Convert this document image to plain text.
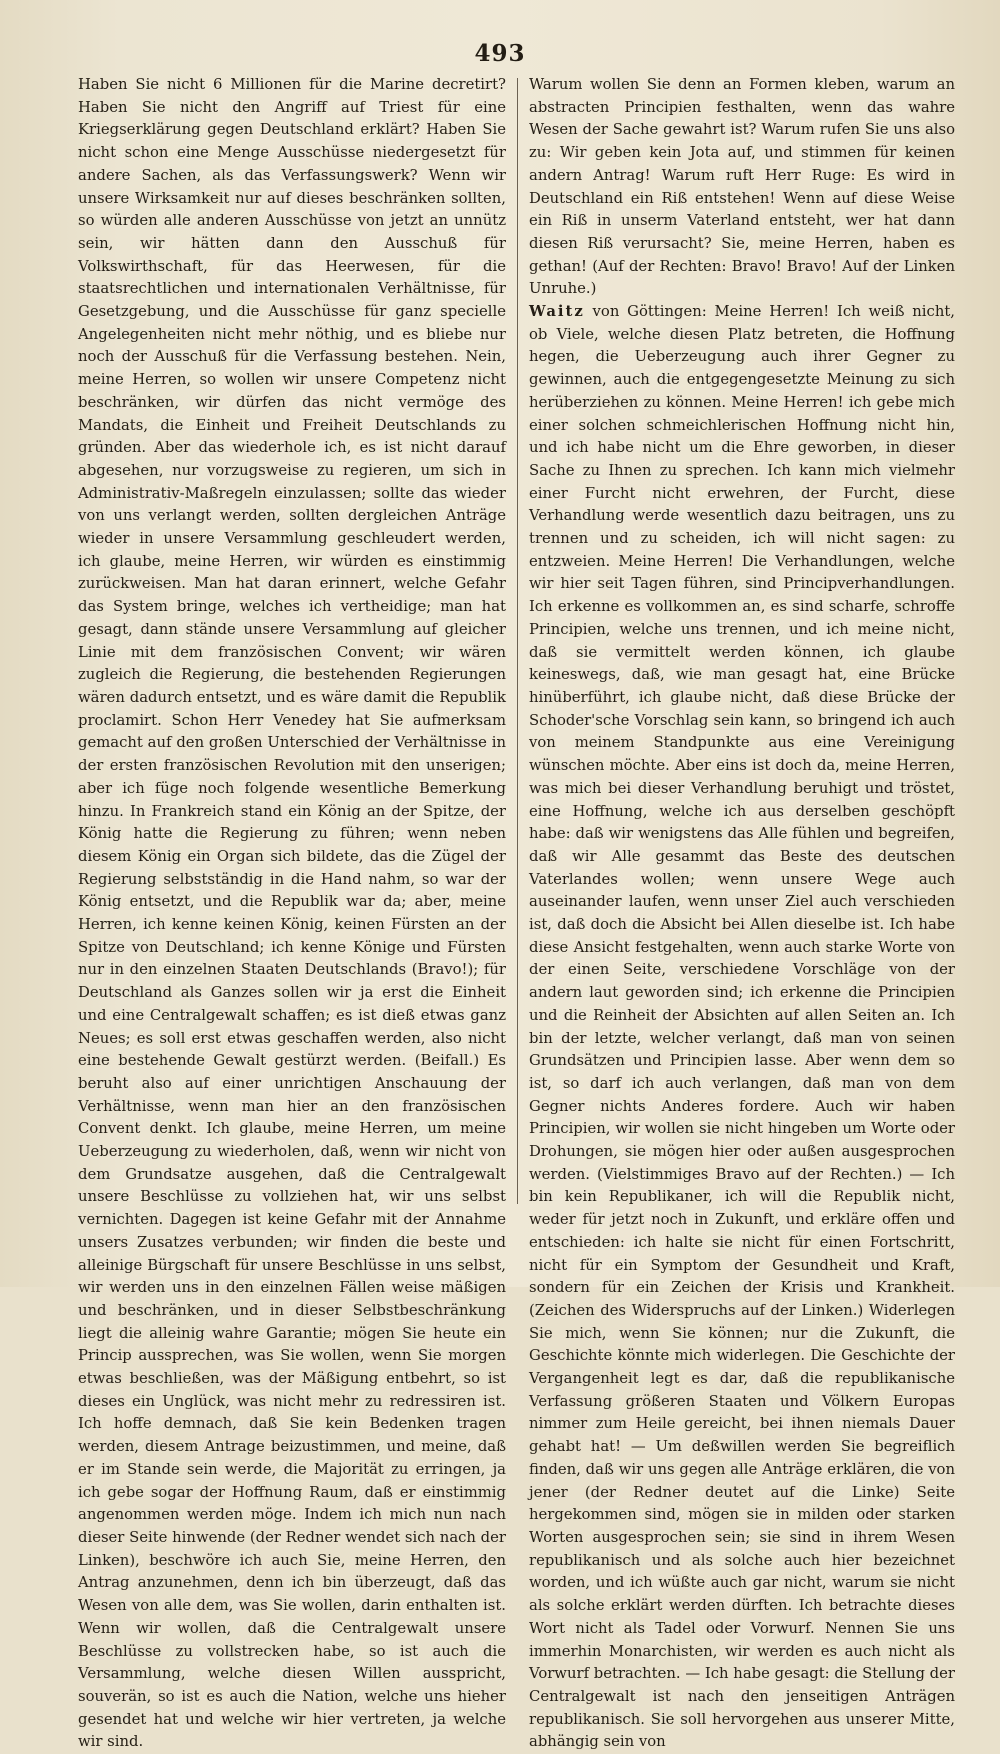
493

Haben Sie nicht 6 Millionen für die Marine decretirt? Haben Sie nicht den Angriff auf Triest für eine Kriegserklärung gegen Deutschland erklärt? Haben Sie nicht schon eine Menge Ausschüsse niedergesetzt für andere Sachen, als das Verfassungswerk? Wenn wir unsere Wirksamkeit nur auf dieses beschränken sollten, so würden alle anderen Ausschüsse von jetzt an unnütz sein, wir hätten dann den Ausschuß für Volkswirthschaft, für das Heerwesen, für die staatsrechtlichen und internationalen Verhältnisse, für Gesetzgebung, und die Ausschüsse für ganz specielle Angelegenheiten nicht mehr nöthig, und es bliebe nur noch der Ausschuß für die Verfassung bestehen. Nein, meine Herren, so wollen wir unsere Competenz nicht beschränken, wir dürfen das nicht vermöge des Mandats, die Einheit und Freiheit Deutschlands zu gründen. Aber das wiederhole ich, es ist nicht darauf abgesehen, nur vorzugsweise zu regieren, um sich in Administrativ-Maßregeln einzulassen; sollte das wieder von uns verlangt werden, sollten dergleichen Anträge wieder in unsere Versammlung geschleudert werden, ich glaube, meine Herren, wir würden es einstimmig zurückweisen. Man hat daran erinnert, welche Gefahr das System bringe, welches ich vertheidige; man hat gesagt, dann stände unsere Versammlung auf gleicher Linie mit dem französischen Convent; wir wären zugleich die Regierung, die bestehenden Regierungen wären dadurch entsetzt, und es wäre damit die Republik proclamirt. Schon Herr Venedey hat Sie aufmerksam gemacht auf den großen Unterschied der Verhältnisse in der ersten französischen Revolution mit den unserigen; aber ich füge noch folgende wesentliche Bemerkung hinzu. In Frankreich stand ein König an der Spitze, der König hatte die Regierung zu führen; wenn neben diesem König ein Organ sich bildete, das die Zügel der Regierung selbstständig in die Hand nahm, so war der König entsetzt, und die Republik war da; aber, meine Herren, ich kenne keinen König, keinen Fürsten an der Spitze von Deutschland; ich kenne Könige und Fürsten nur in den einzelnen Staaten Deutschlands (Bravo!); für Deutschland als Ganzes sollen wir ja erst die Einheit und eine Centralgewalt schaffen; es ist dieß etwas ganz Neues; es soll erst etwas geschaffen werden, also nicht eine bestehende Gewalt gestürzt werden. (Beifall.) Es beruht also auf einer unrichtigen Anschauung der Verhältnisse, wenn man hier an den französischen Convent denkt. Ich glaube, meine Herren, um meine Ueberzeugung zu wiederholen, daß, wenn wir nicht von dem Grundsatze ausgehen, daß die Centralgewalt unsere Beschlüsse zu vollziehen hat, wir uns selbst vernichten. Dagegen ist keine Gefahr mit der Annahme unsers Zusatzes verbunden; wir finden die beste und alleinige Bürgschaft für unsere Beschlüsse in uns selbst, wir werden uns in den einzelnen Fällen weise mäßigen und beschränken, und in dieser Selbstbeschränkung liegt die alleinig wahre Garantie; mögen Sie heute ein Princip aussprechen, was Sie wollen, wenn Sie morgen etwas beschließen, was der Mäßigung entbehrt, so ist dieses ein Unglück, was nicht mehr zu redressiren ist. Ich hoffe demnach, daß Sie kein Bedenken tragen werden, diesem Antrage beizustimmen, und meine, daß er im Stande sein werde, die Majorität zu erringen, ja ich gebe sogar der Hoffnung Raum, daß er einstimmig angenommen werden möge. Indem ich mich nun nach dieser Seite hinwende (der Redner wendet sich nach der Linken), beschwöre ich auch Sie, meine Herren, den Antrag anzunehmen, denn ich bin überzeugt, daß das Wesen von alle dem, was Sie wollen, darin enthalten ist. Wenn wir wollen, daß die Centralgewalt unsere Beschlüsse zu vollstrecken habe, so ist auch die Versammlung, welche diesen Willen ausspricht, souverän, so ist es auch die Nation, welche uns hieher gesendet hat und welche wir hier vertreten, ja welche wir sind.

Warum wollen Sie denn an Formen kleben, warum an abstracten Principien festhalten, wenn das wahre Wesen der Sache gewahrt ist? Warum rufen Sie uns also zu: Wir geben kein Jota auf, und stimmen für keinen andern Antrag! Warum ruft Herr Ruge: Es wird in Deutschland ein Riß entstehen! Wenn auf diese Weise ein Riß in unserm Vaterland entsteht, wer hat dann diesen Riß verursacht? Sie, meine Herren, haben es gethan! (Auf der Rechten: Bravo! Bravo! Auf der Linken Unruhe.)

Waitz von Göttingen: Meine Herren! Ich weiß nicht, ob Viele, welche diesen Platz betreten, die Hoffnung hegen, die Ueberzeugung auch ihrer Gegner zu gewinnen, auch die entgegengesetzte Meinung zu sich herüberziehen zu können. Meine Herren! ich gebe mich einer solchen schmeichlerischen Hoffnung nicht hin, und ich habe nicht um die Ehre geworben, in dieser Sache zu Ihnen zu sprechen. Ich kann mich vielmehr einer Furcht nicht erwehren, der Furcht, diese Verhandlung werde wesentlich dazu beitragen, uns zu trennen und zu scheiden, ich will nicht sagen: zu entzweien. Meine Herren! Die Verhandlungen, welche wir hier seit Tagen führen, sind Principverhandlungen. Ich erkenne es vollkommen an, es sind scharfe, schroffe Principien, welche uns trennen, und ich meine nicht, daß sie vermittelt werden können, ich glaube keineswegs, daß, wie man gesagt hat, eine Brücke hinüberführt, ich glaube nicht, daß diese Brücke der Schoder'sche Vorschlag sein kann, so bringend ich auch von meinem Standpunkte aus eine Vereinigung wünschen möchte. Aber eins ist doch da, meine Herren, was mich bei dieser Verhandlung beruhigt und tröstet, eine Hoffnung, welche ich aus derselben geschöpft habe: daß wir wenigstens das Alle fühlen und begreifen, daß wir Alle gesammt das Beste des deutschen Vaterlandes wollen; wenn unsere Wege auch auseinander laufen, wenn unser Ziel auch verschieden ist, daß doch die Absicht bei Allen dieselbe ist. Ich habe diese Ansicht festgehalten, wenn auch starke Worte von der einen Seite, verschiedene Vorschläge von der andern laut geworden sind; ich erkenne die Principien und die Reinheit der Absichten auf allen Seiten an. Ich bin der letzte, welcher verlangt, daß man von seinen Grundsätzen und Principien lasse. Aber wenn dem so ist, so darf ich auch verlangen, daß man von dem Gegner nichts Anderes fordere. Auch wir haben Principien, wir wollen sie nicht hingeben um Worte oder Drohungen, sie mögen hier oder außen ausgesprochen werden. (Vielstimmiges Bravo auf der Rechten.) — Ich bin kein Republikaner, ich will die Republik nicht, weder für jetzt noch in Zukunft, und erkläre offen und entschieden: ich halte sie nicht für einen Fortschritt, nicht für ein Symptom der Gesundheit und Kraft, sondern für ein Zeichen der Krisis und Krankheit. (Zeichen des Widerspruchs auf der Linken.) Widerlegen Sie mich, wenn Sie können; nur die Zukunft, die Geschichte könnte mich widerlegen. Die Geschichte der Vergangenheit legt es dar, daß die republikanische Verfassung größeren Staaten und Völkern Europas nimmer zum Heile gereicht, bei ihnen niemals Dauer gehabt hat! — Um deßwillen werden Sie begreiflich finden, daß wir uns gegen alle Anträge erklären, die von jener (der Redner deutet auf die Linke) Seite hergekommen sind, mögen sie in milden oder starken Worten ausgesprochen sein; sie sind in ihrem Wesen republikanisch und als solche auch hier bezeichnet worden, und ich wüßte auch gar nicht, warum sie nicht als solche erklärt werden dürften. Ich betrachte dieses Wort nicht als Tadel oder Vorwurf. Nennen Sie uns immerhin Monarchisten, wir werden es auch nicht als Vorwurf betrachten. — Ich habe gesagt: die Stellung der Centralgewalt ist nach den jenseitigen Anträgen republikanisch. Sie soll hervorgehen aus unserer Mitte, abhängig sein von
